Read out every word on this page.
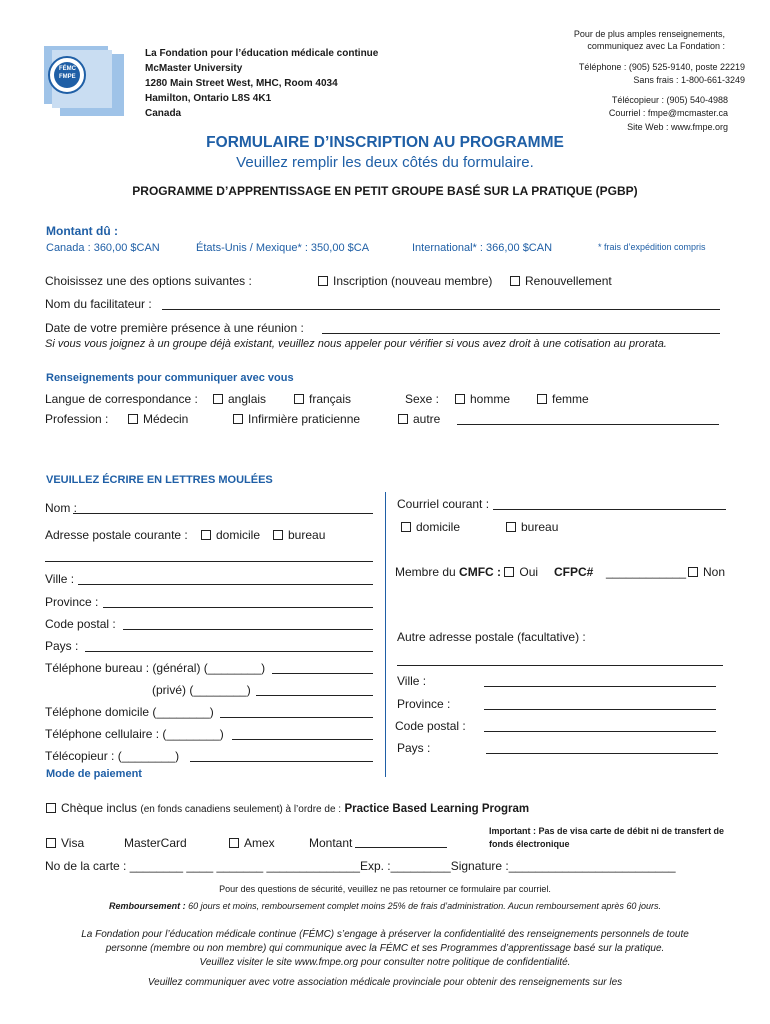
FÉMC
FMPE
La Fondation pour l’éducation médicale continue
McMaster University
1280 Main Street West, MHC, Room 4034
Hamilton, Ontario L8S 4K1
Canada
Pour de plus amples renseignements,
communiquez avec La Fondation :
Téléphone : (905) 525-9140, poste 22219
Sans frais : 1-800-661-3249
Télécopieur : (905) 540-4988
Courriel : fmpe@mcmaster.ca
Site Web : www.fmpe.org
FORMULAIRE D’INSCRIPTION AU PROGRAMME
Veuillez remplir les deux côtés du formulaire.
PROGRAMME D’APPRENTISSAGE EN PETIT GROUPE BASÉ SUR LA PRATIQUE (PGBP)
Montant dû :
Canada : 360,00 $CAN	États-Unis / Mexique* : 350,00 $CA	International* : 366,00 $CAN	* frais d’expédition compris
Choisissez une des options suivantes :	Inscription (nouveau membre)	Renouvellement
Nom du facilitateur :
Date de votre première présence à une réunion :
Si vous vous joignez à un groupe déjà existant, veuillez nous appeler pour vérifier si vous avez droit à une cotisation au prorata.
Renseignements pour communiquer avec vous
Langue de correspondance :	anglais	français	Sexe :	homme	femme
Profession :	Médecin	Infirmière praticienne	autre
VEUILLEZ ÉCRIRE EN LETTRES MOULÉES
Nom :
Adresse postale courante :	domicile	bureau
Ville :
Province :
Code postal :
Pays :
Téléphone bureau : (général) (________)
(privé) (________)
Téléphone domicile (________)
Téléphone cellulaire : (________)
Télécopieur : (________)
Courriel courant :
domicile	bureau
Membre du CMFC : Oui CFPC# ____________	Non
Autre adresse postale (facultative) :
Ville :
Province :
Code postal :
Pays :
Mode de paiement
Chèque inclus (en fonds canadiens seulement) à l’ordre de : Practice Based Learning Program
Visa	MasterCard	Amex	Montant
Important : Pas de visa carte de débit ni de transfert de
fonds électronique
No de la carte : ________ ____ _______ ______________Exp. :_________Signature :_________________________
Pour des questions de sécurité, veuillez ne pas retourner ce formulaire par courriel.
Remboursement : 60 jours et moins, remboursement complet moins 25% de frais d’administration. Aucun remboursement après 60 jours.
La Fondation pour l’éducation médicale continue (FÉMC) s’engage à préserver la confidentialité des renseignements personnels de toute
personne (membre ou non membre) qui communique avec la FÉMC et ses Programmes d’apprentissage basé sur la pratique.
Veuillez visiter le site www.fmpe.org pour consulter notre politique de confidentialité.
Veuillez communiquer avec votre association médicale provinciale pour obtenir des renseignements sur les
